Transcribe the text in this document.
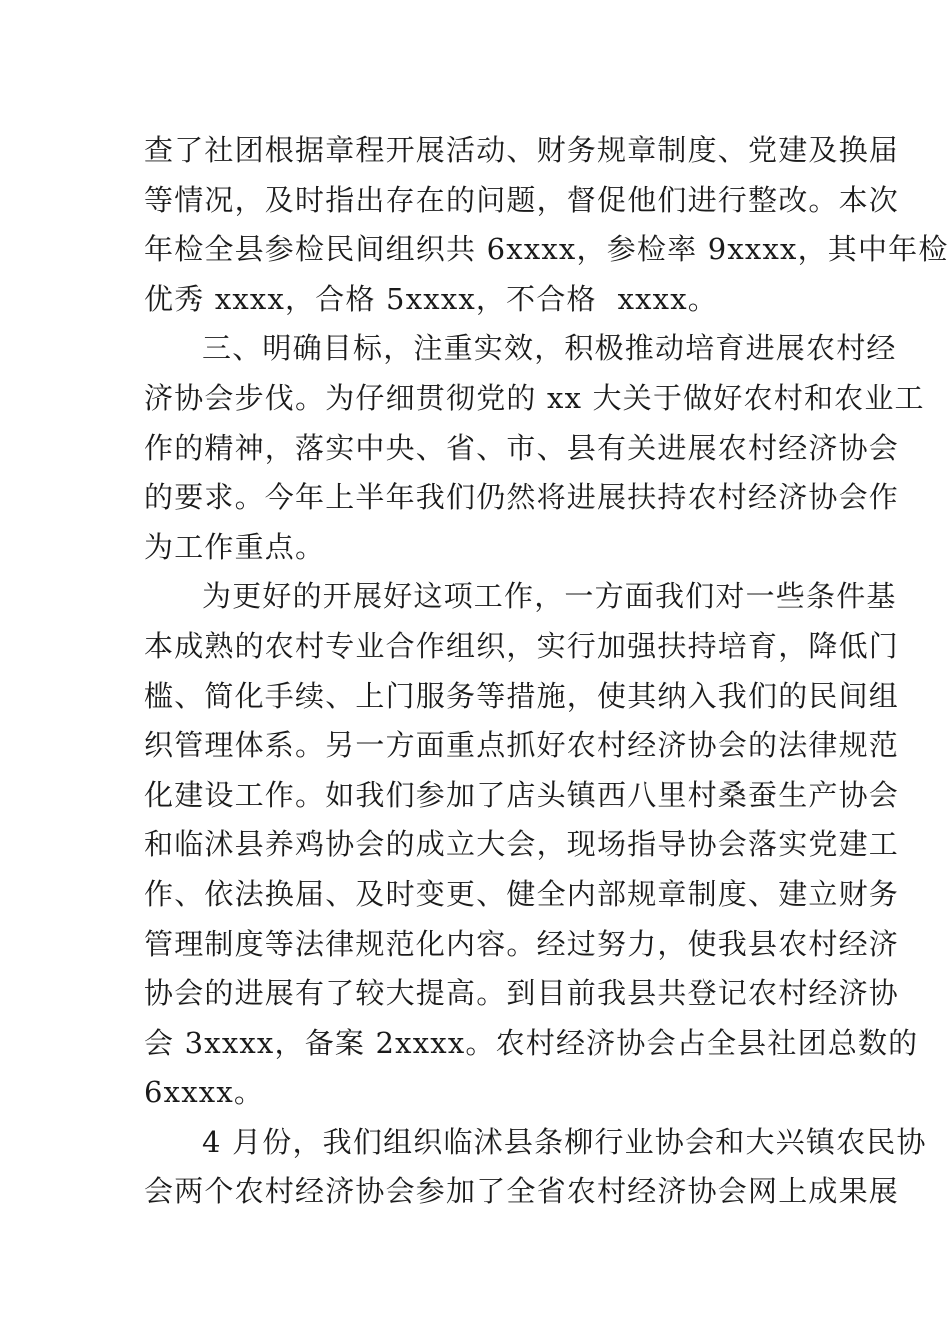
查了社团根据章程开展活动、财务规章制度、党建及换届
等情况，及时指出存在的问题，督促他们进行整改。本次
年检全县参检民间组织共 6xxxx，参检率 9xxxx，其中年检
优秀 xxxx，合格 5xxxx，不合格  xxxx。
三、明确目标，注重实效，积极推动培育进展农村经
济协会步伐。为仔细贯彻党的 xx 大关于做好农村和农业工
作的精神，落实中央、省、市、县有关进展农村经济协会
的要求。今年上半年我们仍然将进展扶持农村经济协会作
为工作重点。
为更好的开展好这项工作，一方面我们对一些条件基
本成熟的农村专业合作组织，实行加强扶持培育，降低门
槛、简化手续、上门服务等措施，使其纳入我们的民间组
织管理体系。另一方面重点抓好农村经济协会的法律规范
化建设工作。如我们参加了店头镇西八里村桑蚕生产协会
和临沭县养鸡协会的成立大会，现场指导协会落实党建工
作、依法换届、及时变更、健全内部规章制度、建立财务
管理制度等法律规范化内容。经过努力，使我县农村经济
协会的进展有了较大提高。到目前我县共登记农村经济协
会 3xxxx，备案 2xxxx。农村经济协会占全县社团总数的
6xxxx。
4 月份，我们组织临沭县条柳行业协会和大兴镇农民协
会两个农村经济协会参加了全省农村经济协会网上成果展
